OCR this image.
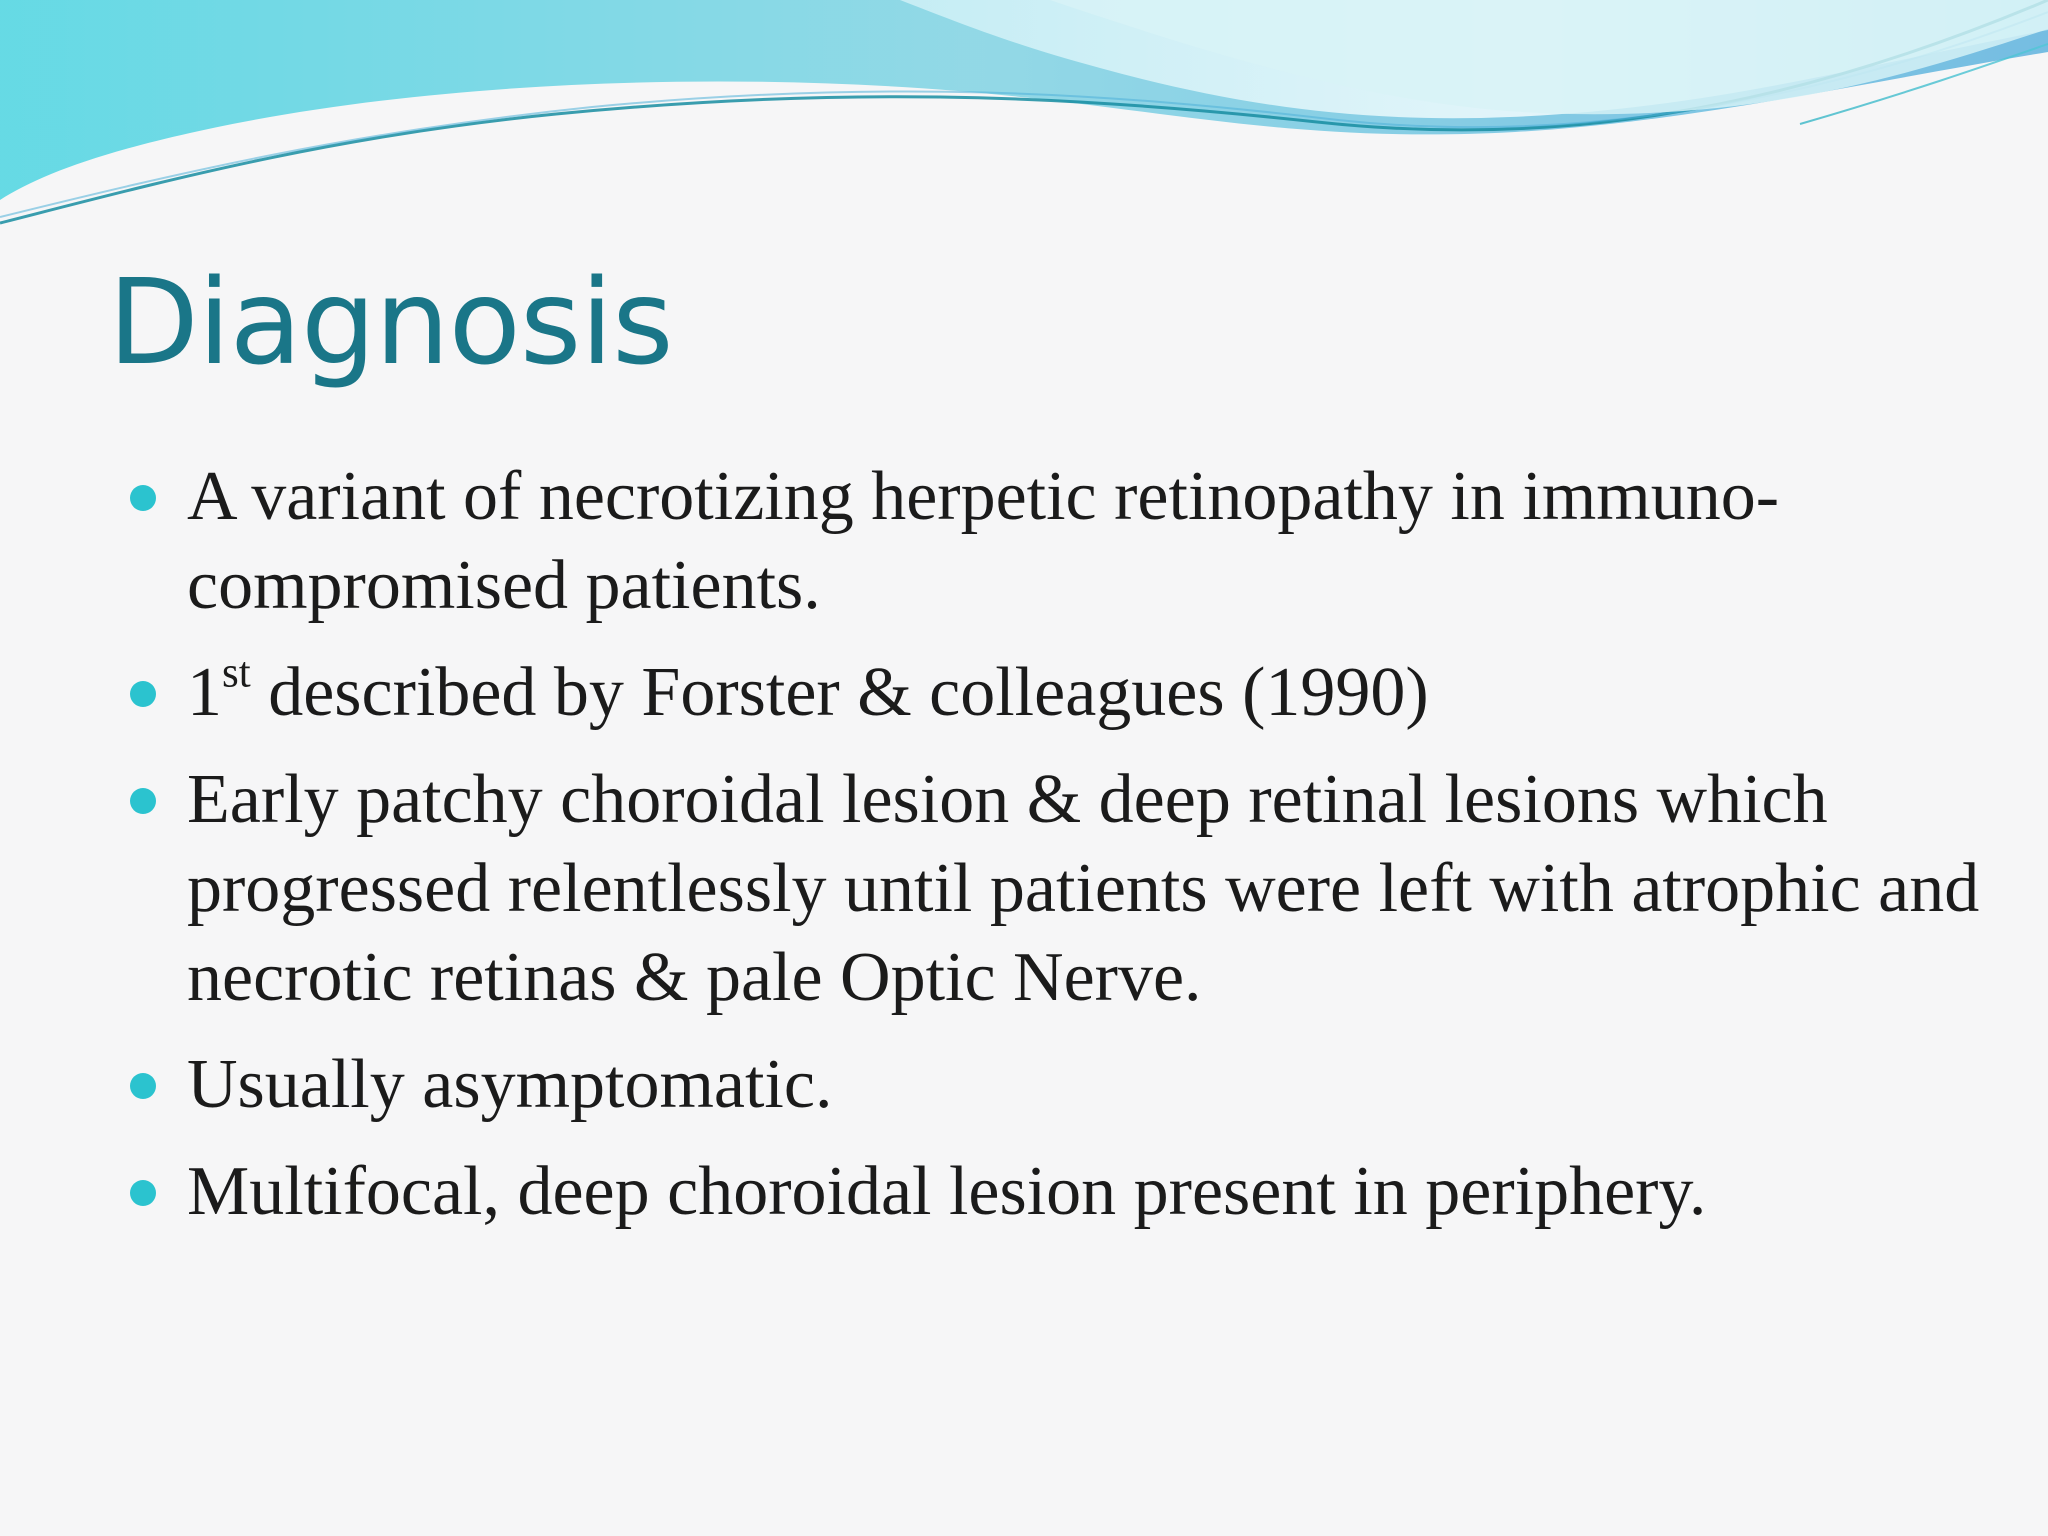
Diagnosis
A variant of necrotizing herpetic retinopathy in immuno-compromised patients.
1st described by Forster & colleagues (1990)
Early patchy choroidal lesion & deep retinal lesions which progressed relentlessly until patients were left with atrophic and necrotic retinas & pale Optic Nerve.
Usually asymptomatic.
Multifocal, deep choroidal lesion present in periphery.
